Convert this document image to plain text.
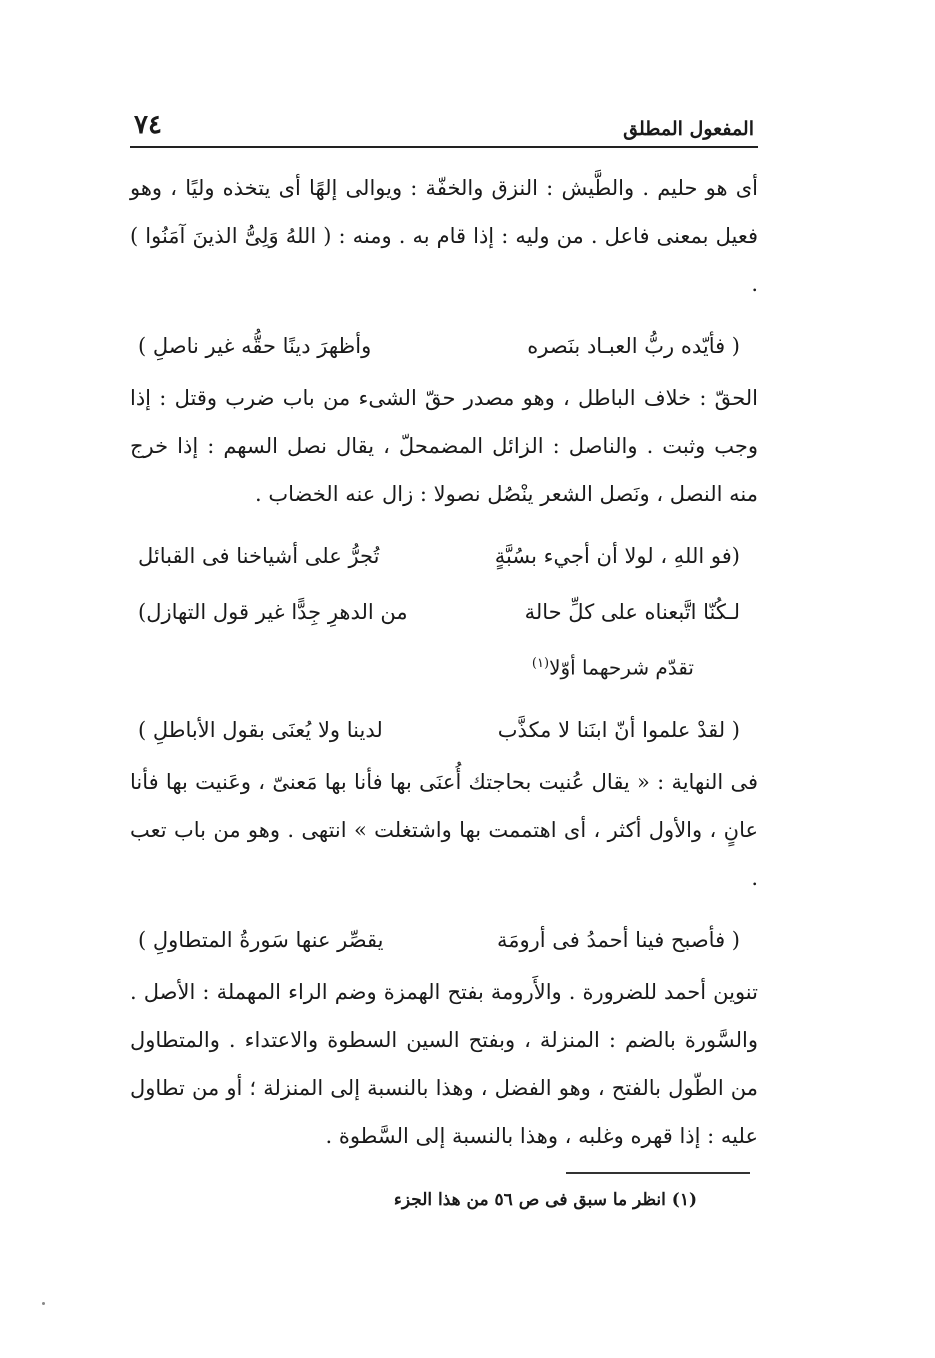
المفعول المطلق
٧٤

أى هو حليم . والطَّيش : النزق والخفّة : ويوالى إلهًا أى يتخذه وليًا ، وهو فعيل بمعنى فاعل . من وليه : إذا قام به . ومنه : ( اللهُ وَلِىُّ الذينَ آمَنُوا ) .

( فأيّده ربُّ العبـاد بنَصره
وأظهرَ دينًا حقُّه غير ناصلِ )

الحقّ : خلاف الباطل ، وهو مصدر حقّ الشىء من باب ضرب وقتل : إذا وجب وثبت . والناصل : الزائل المضمحلّ ، يقال نصل السهم : إذا خرج منه النصل ، ونَصل الشعر ينْصُل نصولا : زال عنه الخضاب .

(فو اللهِ ، لولا أن أجيء بسُبَّةٍ
تُجرُّ على أشياخنا فى القبائل
لـكُنّا اتَّبعناه على كلِّ حالة
من الدهرِ جِدًّا غير قول التهازل)
تقدّم شرحهما أوّلا$^{(١)}$
( لقدْ علموا أنّ ابنَنا لا مكذَّب
لدينا ولا يُعنَى بقول الأباطلِ )

فى النهاية : « يقال عُنيت بحاجتك أُعنَى بها فأنا بها مَعنىّ ، وعَنيت بها فأنا عانٍ ، والأول أكثر ، أى اهتممت بها واشتغلت » انتهى . وهو من باب تعب .

( فأصبح فينا أحمدُ فى أرومَة
يقصِّر عنها سَورةُ المتطاولِ )

تنوين أحمد للضرورة . والأَرومة بفتح الهمزة وضم الراء المهملة : الأصل . والسَّورة بالضم : المنزلة ، وبفتح السين السطوة والاعتداء . والمتطاول من الطّول بالفتح ، وهو الفضل ، وهذا بالنسبة إلى المنزلة ؛ أو من تطاول عليه : إذا قهره وغلبه ، وهذا بالنسبة إلى السَّطوة .

(١) انظر ما سبق فى ص ٥٦ من هذا الجزء
